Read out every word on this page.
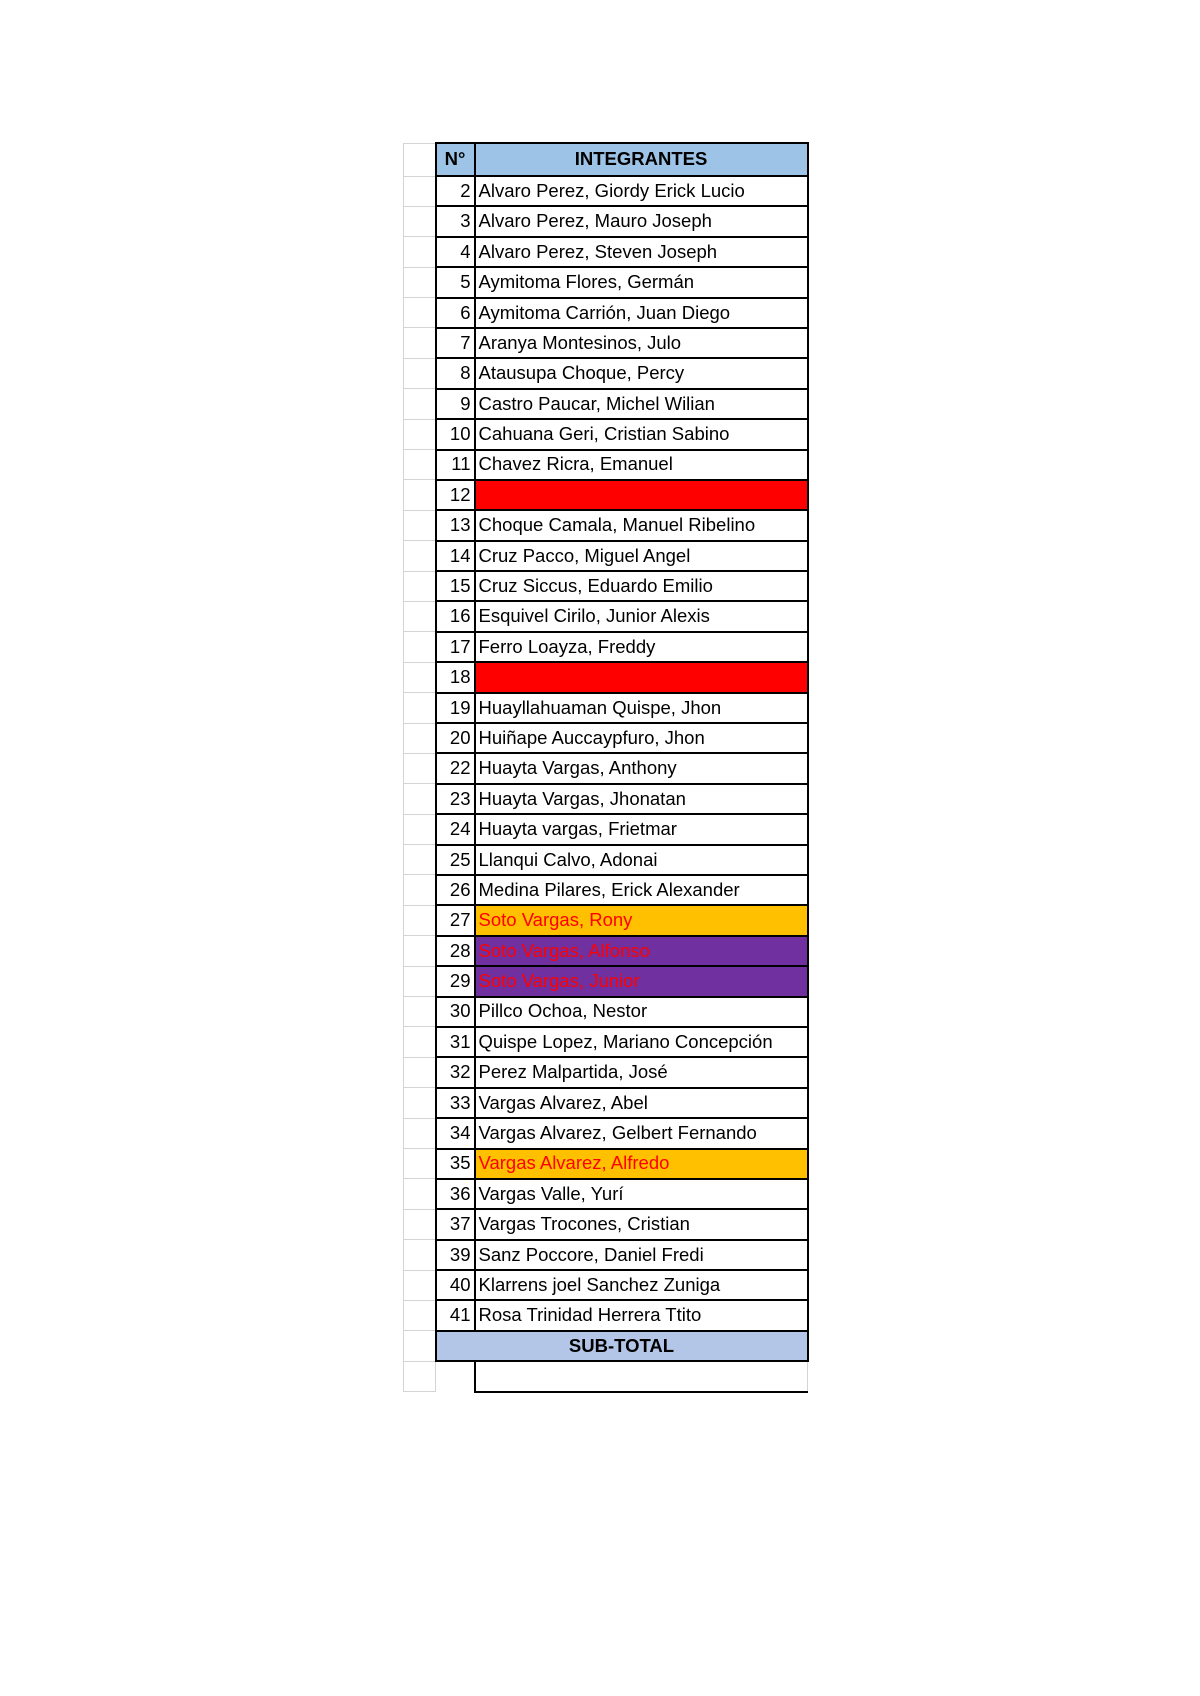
	N°	INTEGRANTES
	2	Alvaro Perez, Giordy Erick Lucio
	3	Alvaro Perez, Mauro Joseph
	4	Alvaro Perez, Steven Joseph
	5	Aymitoma Flores, Germán
	6	Aymitoma Carrión, Juan Diego
	7	Aranya Montesinos, Julo
	8	Atausupa Choque, Percy
	9	Castro Paucar, Michel Wilian
	10	Cahuana Geri, Cristian Sabino
	11	Chavez Ricra, Emanuel
	12	Chuctalla Antitupa, Elisban
	13	Choque Camala, Manuel Ribelino
	14	Cruz Pacco, Miguel Angel
	15	Cruz Siccus, Eduardo Emilio
	16	Esquivel Cirilo, Junior Alexis
	17	Ferro Loayza, Freddy
	18	Grajeda Cañari, Luis Alberto
	19	Huayllahuaman Quispe, Jhon
	20	Huiñape Auccaypfuro, Jhon
	22	Huayta Vargas, Anthony
	23	Huayta Vargas, Jhonatan
	24	Huayta vargas, Frietmar
	25	Llanqui Calvo, Adonai
	26	Medina Pilares, Erick Alexander
	27	Soto Vargas, Rony
	28	Soto Vargas, Alfonso
	29	Soto Vargas, Junior
	30	Pillco Ochoa, Nestor
	31	Quispe Lopez, Mariano Concepción
	32	Perez Malpartida, José
	33	Vargas Alvarez, Abel
	34	Vargas Alvarez, Gelbert Fernando
	35	Vargas Alvarez, Alfredo
	36	Vargas Valle, Yurí
	37	Vargas Trocones, Cristian
	39	Sanz Poccore, Daniel Fredi
	40	Klarrens joel Sanchez Zuniga
	41	Rosa Trinidad Herrera Ttito
	SUB-TOTAL	
